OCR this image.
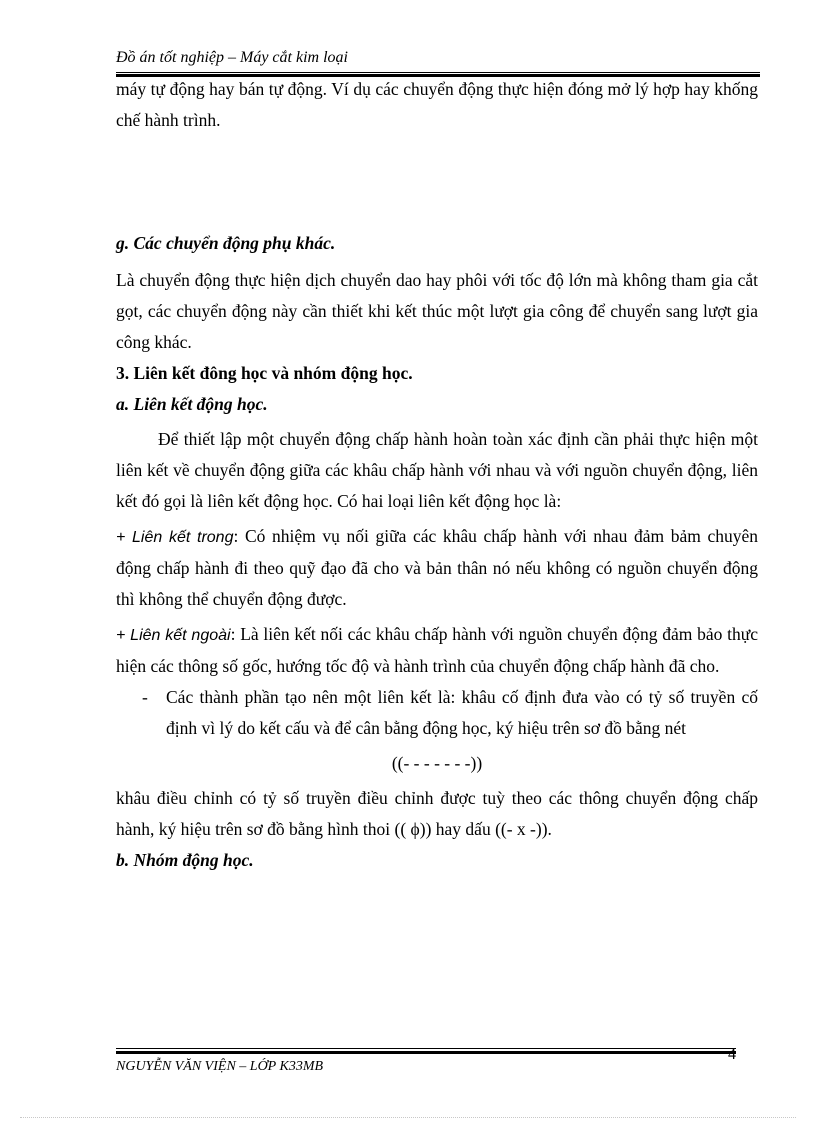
Đồ án tốt nghiệp – Máy cắt kim loại

máy tự động hay bán tự động. Ví dụ các chuyển động thực hiện đóng mở lý hợp hay khống chế hành trình.

g. Các chuyển động phụ khác.

Là chuyển động thực hiện dịch chuyển dao hay phôi với tốc độ lớn mà không tham gia cắt gọt, các chuyển động này cần thiết khi kết thúc một lượt gia công để chuyển sang lượt gia công khác.

3. Liên kết đông học và nhóm động học.

a. Liên kết động học.

Để thiết lập một chuyển động chấp hành hoàn toàn xác định cần phải thực hiện một liên kết về chuyển động giữa các khâu chấp hành với nhau và với nguồn chuyển động, liên kết đó gọi là liên kết động học. Có hai loại liên kết động học là:

+ Liên kết trong: Có nhiệm vụ nối giữa các khâu chấp hành với nhau đảm bảm chuyên động chấp hành đi theo quỹ đạo đã cho và bản thân nó nếu không có nguồn chuyển động thì không thể chuyển động được.

+ Liên kết ngoài: Là liên kết nối các khâu chấp hành với nguồn chuyển động đảm bảo thực hiện các thông số gốc, hướng tốc độ và hành trình của chuyển động chấp hành đã cho.

- Các thành phần tạo nên một liên kết là: khâu cố định đưa vào có tỷ số truyền cố định vì lý do kết cấu và để cân bằng động học, ký hiệu trên sơ đồ bằng nét

((- - - - - - -))

khâu điều chỉnh có tỷ số truyền điều chỉnh được tuỳ theo các thông chuyển động chấp hành, ký hiệu trên sơ đồ bằng hình thoi (( ϕ)) hay dấu ((- x -)).

b. Nhóm động học.

NGUYỄN VĂN VIỆN – LỚP K33MB
4
